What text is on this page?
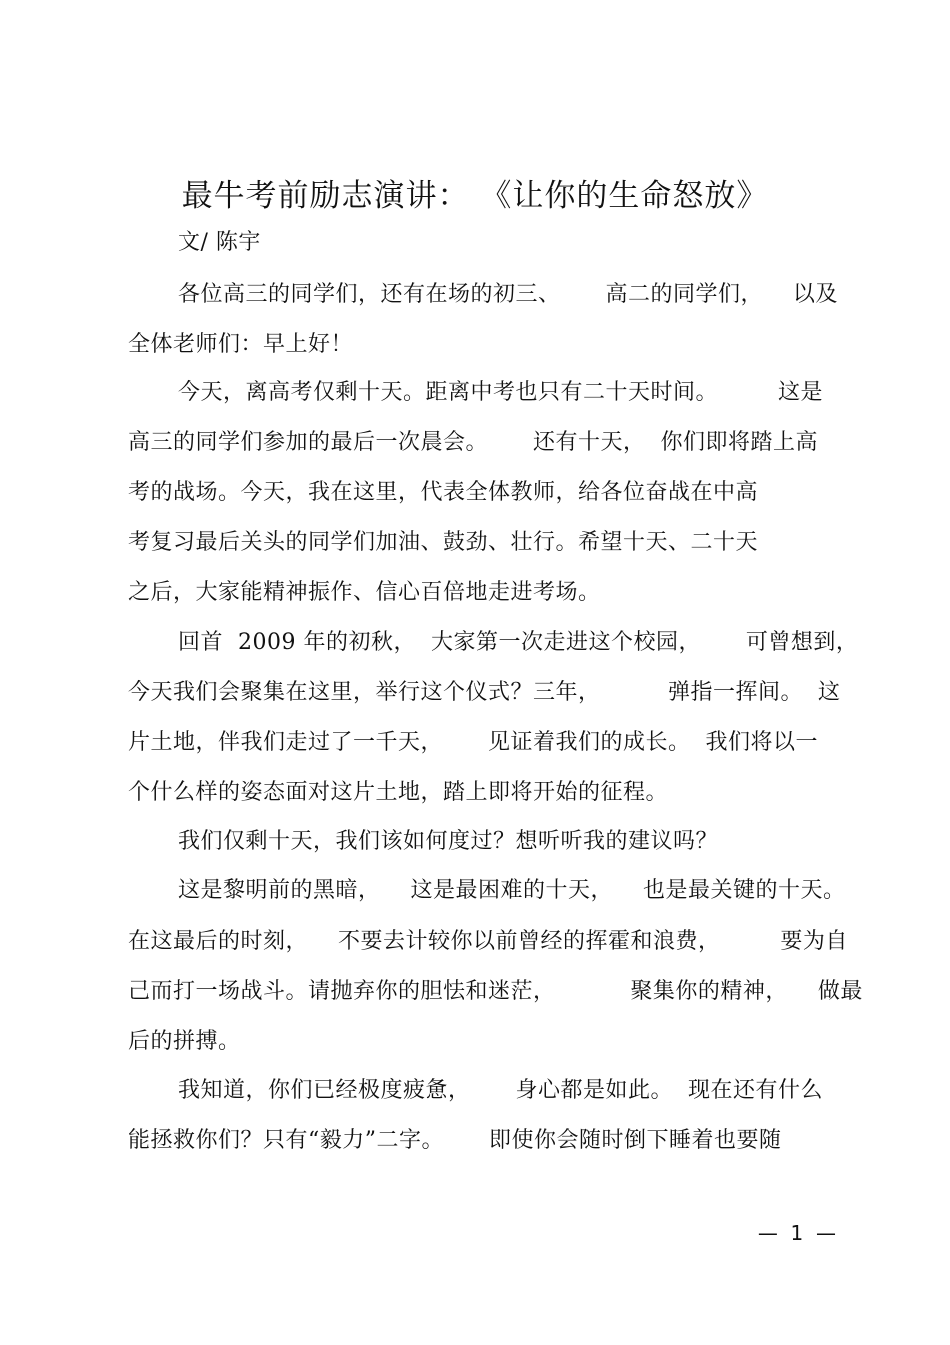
最牛考前励志演讲： 《让你的生命怒放》
文/ 陈宇
各位高三的同学们，还有在场的初三、      高二的同学们，    以及
全体老师们：早上好！
今天，离高考仅剩十天。距离中考也只有二十天时间。        这是
高三的同学们参加的最后一次晨会。      还有十天，  你们即将踏上高
考的战场。今天，我在这里，代表全体教师，给各位奋战在中高
考复习最后关头的同学们加油、鼓劲、壮行。希望十天、二十天
之后，大家能精神振作、信心百倍地走进考场。
回首  2009 年的初秋，  大家第一次走进这个校园，      可曾想到，
今天我们会聚集在这里，举行这个仪式？三年，         弹指一挥间。  这
片土地，伴我们走过了一千天，      见证着我们的成长。  我们将以一
个什么样的姿态面对这片土地，踏上即将开始的征程。
我们仅剩十天，我们该如何度过？想听听我的建议吗？
这是黎明前的黑暗，    这是最困难的十天，    也是最关键的十天。
在这最后的时刻，    不要去计较你以前曾经的挥霍和浪费，        要为自
己而打一场战斗。请抛弃你的胆怯和迷茫，          聚集你的精神，    做最
后的拼搏。
我知道，你们已经极度疲惫，      身心都是如此。  现在还有什么
能拯救你们？只有“毅力”二字。      即使你会随时倒下睡着也要随
—  1  —
